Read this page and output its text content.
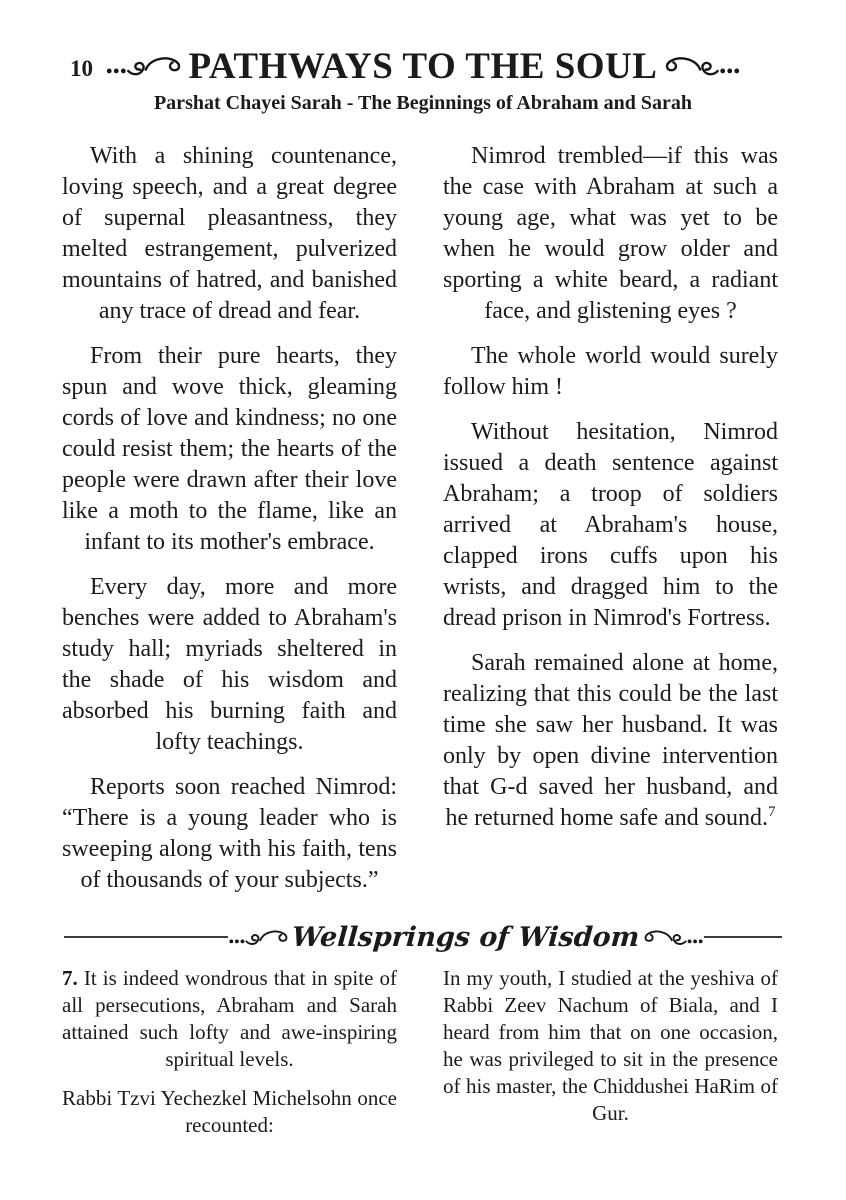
10	PATHWAYS TO THE SOUL
Parshat Chayei Sarah - The Beginnings of Abraham and Sarah

With a shining countenance, loving speech, and a great degree of supernal pleasantness, they melted estrangement, pulverized mountains of hatred, and banished any trace of dread and fear.

From their pure hearts, they spun and wove thick, gleaming cords of love and kindness; no one could resist them; the hearts of the people were drawn after their love like a moth to the flame, like an infant to its mother's embrace.

Every day, more and more benches were added to Abraham's study hall; myriads sheltered in the shade of his wisdom and absorbed his burning faith and lofty teachings.

Reports soon reached Nimrod: “There is a young leader who is sweeping along with his faith, tens of thousands of your subjects.”

Nimrod trembled—if this was the case with Abraham at such a young age, what was yet to be when he would grow older and sporting a white beard, a radiant face, and glistening eyes ?

The whole world would surely follow him !

Without hesitation, Nimrod issued a death sentence against Abraham; a troop of soldiers arrived at Abraham's house, clapped irons cuffs upon his wrists, and dragged him to the dread prison in Nimrod's Fortress.

Sarah remained alone at home, realizing that this could be the last time she saw her husband. It was only by open divine intervention that G-d saved her husband, and he returned home safe and sound.$^7$

Wellsprings of Wisdom

7. It is indeed wondrous that in spite of all persecutions, Abraham and Sarah attained such lofty and awe-inspiring spiritual levels.

Rabbi Tzvi Yechezkel Michelsohn once recounted:

In my youth, I studied at the yeshiva of Rabbi Zeev Nachum of Biala, and I heard from him that on one occasion, he was privileged to sit in the presence of his master, the Chiddushei HaRim of Gur.
